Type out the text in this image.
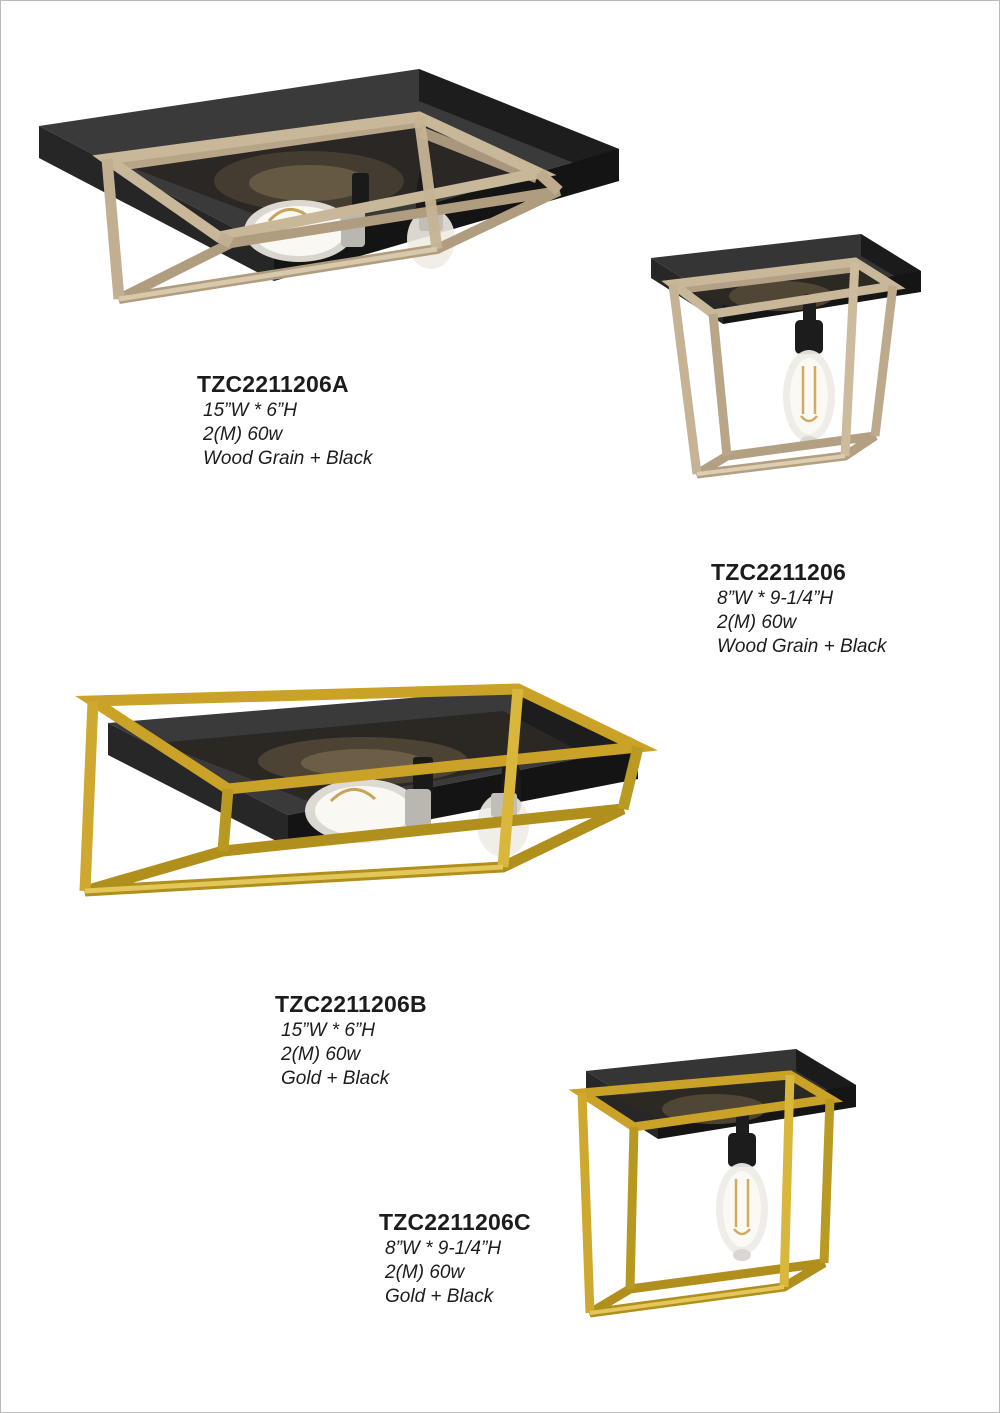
TZC2211206A
15”W * 6”H
2(M) 60w
Wood Grain + Black
TZC2211206
8”W * 9-1/4”H
2(M) 60w
Wood Grain + Black
TZC2211206B
15”W * 6”H
2(M) 60w
Gold + Black
TZC2211206C
8”W * 9-1/4”H
2(M) 60w
Gold + Black
